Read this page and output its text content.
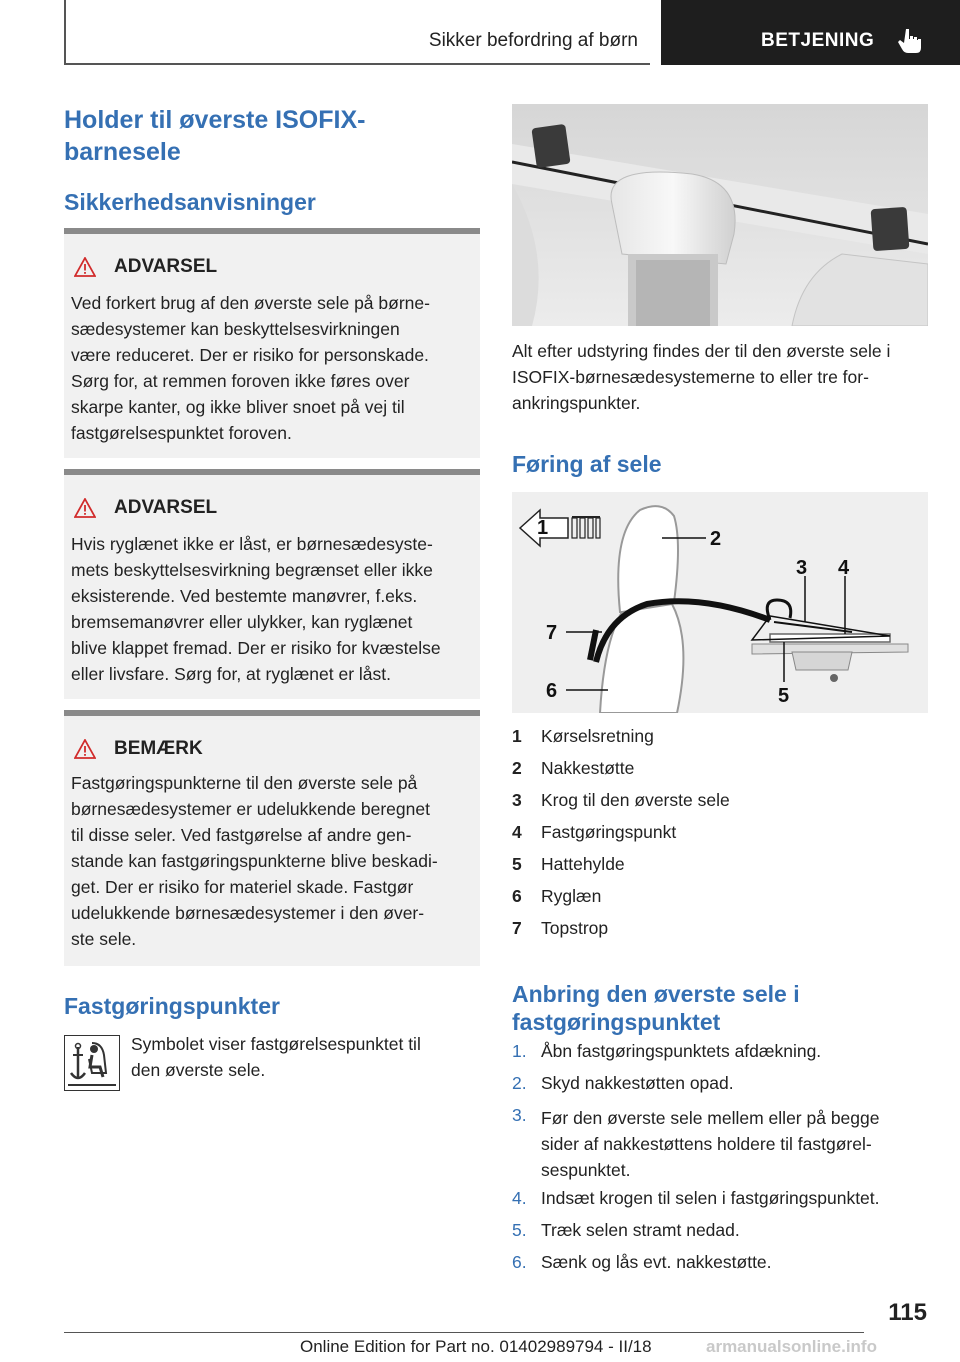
Sikker befordring af børn	BETJENING
Holder til øverste ISOFIX-barnesele
Sikkerhedsanvisninger
ADVARSEL
Ved forkert brug af den øverste sele på børne-
sædesystemer kan beskyttelsesvirkningen
være reduceret. Der er risiko for personskade.
Sørg for, at remmen foroven ikke føres over
skarpe kanter, og ikke bliver snoet på vej til
fastgørelsespunktet foroven.
ADVARSEL
Hvis ryglænet ikke er låst, er børnesædesyste-
mets beskyttelsesvirkning begrænset eller ikke
eksisterende. Ved bestemte manøvrer, f.eks.
bremsemanøvrer eller ulykker, kan ryglænet
blive klappet fremad. Der er risiko for kvæstelse
eller livsfare. Sørg for, at ryglænet er låst.
BEMÆRK
Fastgøringspunkterne til den øverste sele på
børnesædesystemer er udelukkende beregnet
til disse seler. Ved fastgørelse af andre gen-
stande kan fastgøringspunkterne blive beskadi-
get. Der er risiko for materiel skade. Fastgør
udelukkende børnesædesystemer i den øver-
ste sele.
Fastgøringspunkter
Symbolet viser fastgørelsespunktet til
den øverste sele.
Alt efter udstyring findes der til den øverste sele i
ISOFIX-børnesædesystemerne to eller tre for-
ankringspunkter.
Føring af sele
1	2
3 4
5
6
7
1	Kørselsretning
2	Nakkestøtte
3	Krog til den øverste sele
4	Fastgøringspunkt
5	Hattehylde
6	Ryglæn
7	Topstrop
Anbring den øverste sele i
fastgøringspunktet
1. Åbn fastgøringspunktets afdækning.
2. Skyd nakkestøtten opad.
3. Før den øverste sele mellem eller på begge
sider af nakkestøttens holdere til fastgørel-
sespunktet.
4. Indsæt krogen til selen i fastgøringspunktet.
5. Træk selen stramt nedad.
6. Sænk og lås evt. nakkestøtte.
115
Online Edition for Part no. 01402989794 - II/18	armanualsonline.info
